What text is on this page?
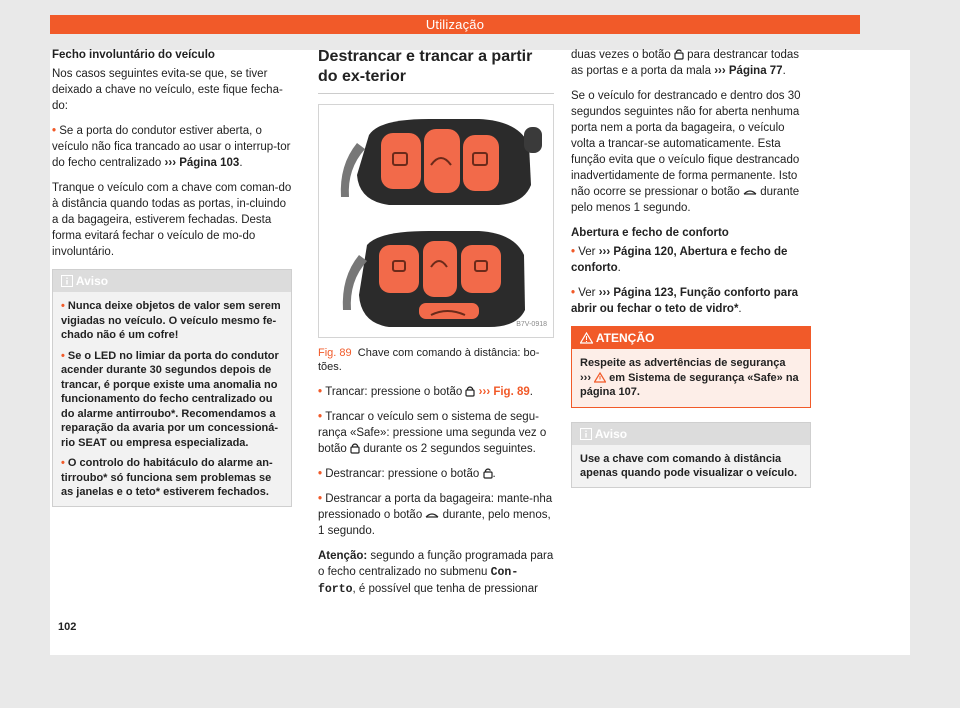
Utilização

Fecho involuntário do veículo

Nos casos seguintes evita-se que, se tiver deixado a chave no veículo, este fique fecha-do:

• Se a porta do condutor estiver aberta, o veículo não fica trancado ao usar o interrup-tor do fecho centralizado ››› Página 103.

Tranque o veículo com a chave com coman-do à distância quando todas as portas, in-cluindo a da bagageira, estiverem fechadas. Desta forma evitará fechar o veículo de mo-do involuntário.

Aviso

• Nunca deixe objetos de valor sem serem vigiadas no veículo. O veículo mesmo fe-chado não é um cofre!

• Se o LED no limiar da porta do condutor acender durante 30 segundos depois de trancar, é porque existe uma anomalia no funcionamento do fecho centralizado ou do alarme antirroubo*. Recomendamos a reparação da avaria por um concessioná-rio SEAT ou empresa especializada.

• O controlo do habitáculo do alarme an-tirroubo* só funciona sem problemas se as janelas e o teto* estiverem fechados.

Destrancar e trancar a partir do ex-terior

B7V-0918
Fig. 89 Chave com comando à distância: bo-tões.

• Trancar: pressione o botão ››› Fig. 89.

• Trancar o veículo sem o sistema de segu-rança «Safe»: pressione uma segunda vez o botão durante os 2 segundos seguintes.

• Destrancar: pressione o botão .

• Destrancar a porta da bagageira: mante-nha pressionado o botão durante, pelo menos, 1 segundo.

Atenção: segundo a função programada para o fecho centralizado no submenu Con-forto, é possível que tenha de pressionar

duas vezes o botão para destrancar todas as portas e a porta da mala ››› Página 77.

Se o veículo for destrancado e dentro dos 30 segundos seguintes não for aberta nenhuma porta nem a porta da bagageira, o veículo volta a trancar-se automaticamente. Esta função evita que o veículo fique destrancado inadvertidamente de forma permanente. Isto não ocorre se pressionar o botão durante pelo menos 1 segundo.

Abertura e fecho de conforto

• Ver ››› Página 120, Abertura e fecho de conforto.

• Ver ››› Página 123, Função conforto para abrir ou fechar o teto de vidro*.

ATENÇÃO
Respeite as advertências de segurança
››› em Sistema de segurança «Safe» na página 107.
Aviso
Use a chave com comando à distância apenas quando pode visualizar o veículo.
102
